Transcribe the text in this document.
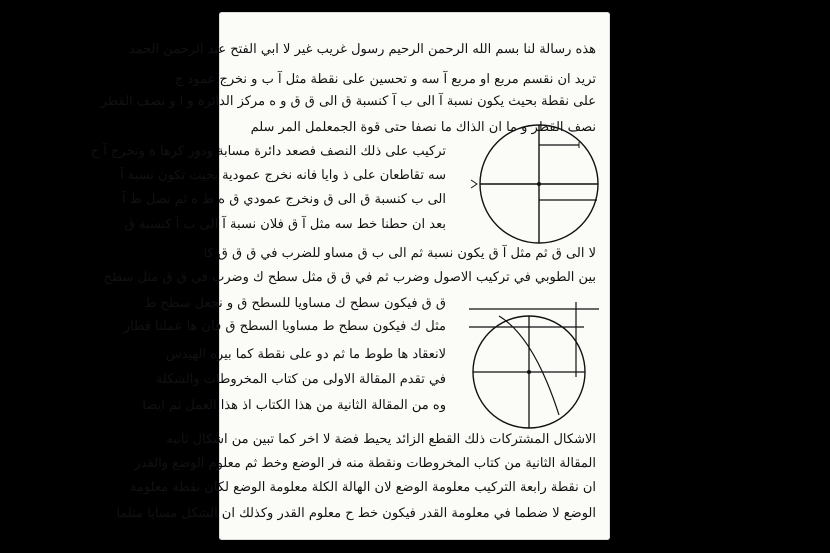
هذه رسالة لنا بسم الله الرحمن الرحيم رسول غريب غير لا ابي الفتح عبد الرحمن الحمد
تريد ان نقسم مربع او مربع آ سه و تحسين على نقطة مثل آ ب و نخرج عمود ج
على نقطة بحيث يكون نسبة آ الى ب آ كنسبة ق الى ق ق و ه مركز الدائرة و ا و نصف القطر
نصف القطر و ما ان الذاك ما نصفا حتى قوة الجمعلمل المر سلم
تركيب على ذلك النصف فصعد دائرة مسابة ودور كرها ة ونخرج آ ح
سه تقاطعان على ذ وايا فانه نخرج عمودية بحيث تكون نسبة آ
الى ب كنسبة ق الى ق ونخرج عمودي ق ه ط ه ثم نصل ط آ
بعد ان حطنا خط سه مثل آ ق فلان نسبة آ الى ب آ كنسبة ق
لا الى ق ثم مثل آ ق يكون نسبة ثم الى ب ق مساو للضرب في ق ق ق كا
بين الطوبي في تركيب الاصول وضرب ثم في ق ق مثل سطح ك وضرب في ق ق مثل سطح
ق ق فيكون سطح ك مساويا للسطح ق و نجعل سطح ط
مثل ك فيكون سطح ط مساويا السطح ق فان ها عملنا قطار
لانعقاد ها طوط ما ثم دو على نقطة كما بيره الهيدس
في تقدم المقالة الاولى من كتاب المخروطات والشكلة
وه من المقالة الثانية من هذا الكتاب اذ هذا العمل ثم ايضا
الاشكال المشتركات ذلك القطع الزائد يحيط فضة لا اخر كما تبين من اشكال ثانيه
المقالة الثانية من كتاب المخروطات ونقطة منه فر الوضع وخط ثم معلوم الوضع والقدر
ان نقطة رابعة التركيب معلومة الوضع لان الهالة الكلة معلومة الوضع لكان نقطة معلومة
الوضع لا ضطما في معلومة القدر فيكون خط ح معلوم القدر وكذلك ان الشكل مسايا مثلما
